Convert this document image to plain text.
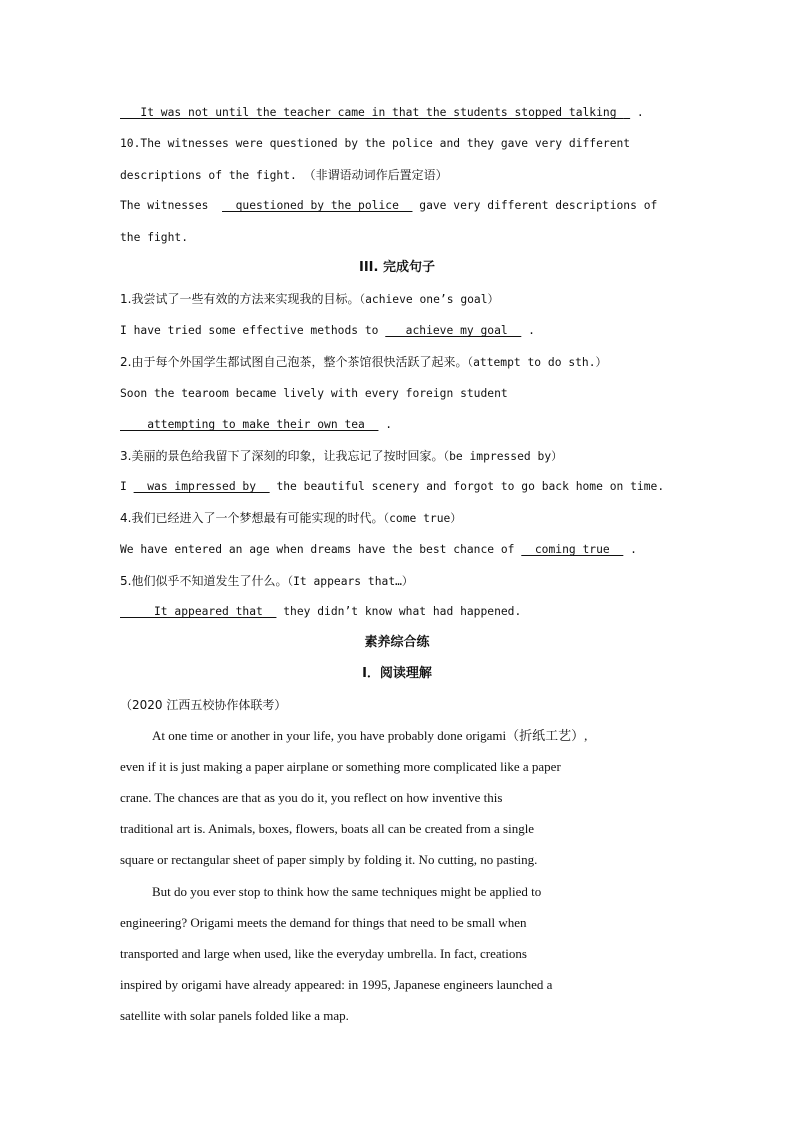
It was not until the teacher came in that the students stopped talking   .
10.The witnesses were questioned by the police and they gave very different
descriptions of the fight. （非谓语动词作后置定语）
The witnesses    questioned by the police   gave very different descriptions of
the fight.
III. 完成句子
1.我尝试了一些有效的方法来实现我的目标。（achieve one’s goal）
I have tried some effective methods to    achieve my goal   .
2.由于每个外国学生都试图自己泡茶，整个茶馆很快活跃了起来。（attempt to do sth.）
Soon the tearoom became lively with every foreign student
attempting to make their own tea   .
3.美丽的景色给我留下了深刻的印象，让我忘记了按时回家。（be impressed by）
I   was impressed by   the beautiful scenery and forgot to go back home on time.
4.我们已经进入了一个梦想最有可能实现的时代。（come true）
We have entered an age when dreams have the best chance of   coming true   .
5.他们似乎不知道发生了什么。（It appears that…）
It appeared that   they didn’t know what had happened.
素养综合练
I．阅读理解
（2020 江西五校协作体联考）
At one time or another in your life, you have probably done origami（折纸工艺）,
even if it is just making a paper airplane or something more complicated like a paper
crane. The chances are that as you do it, you reflect on how inventive this
traditional art is. Animals, boxes, flowers, boats all can be created from a single
square or rectangular sheet of paper simply by folding it. No cutting, no pasting.
But do you ever stop to think how the same techniques might be applied to
engineering? Origami meets the demand for things that need to be small when
transported and large when used, like the everyday umbrella. In fact, creations
inspired by origami have already appeared: in 1995, Japanese engineers launched a
satellite with solar panels folded like a map.
